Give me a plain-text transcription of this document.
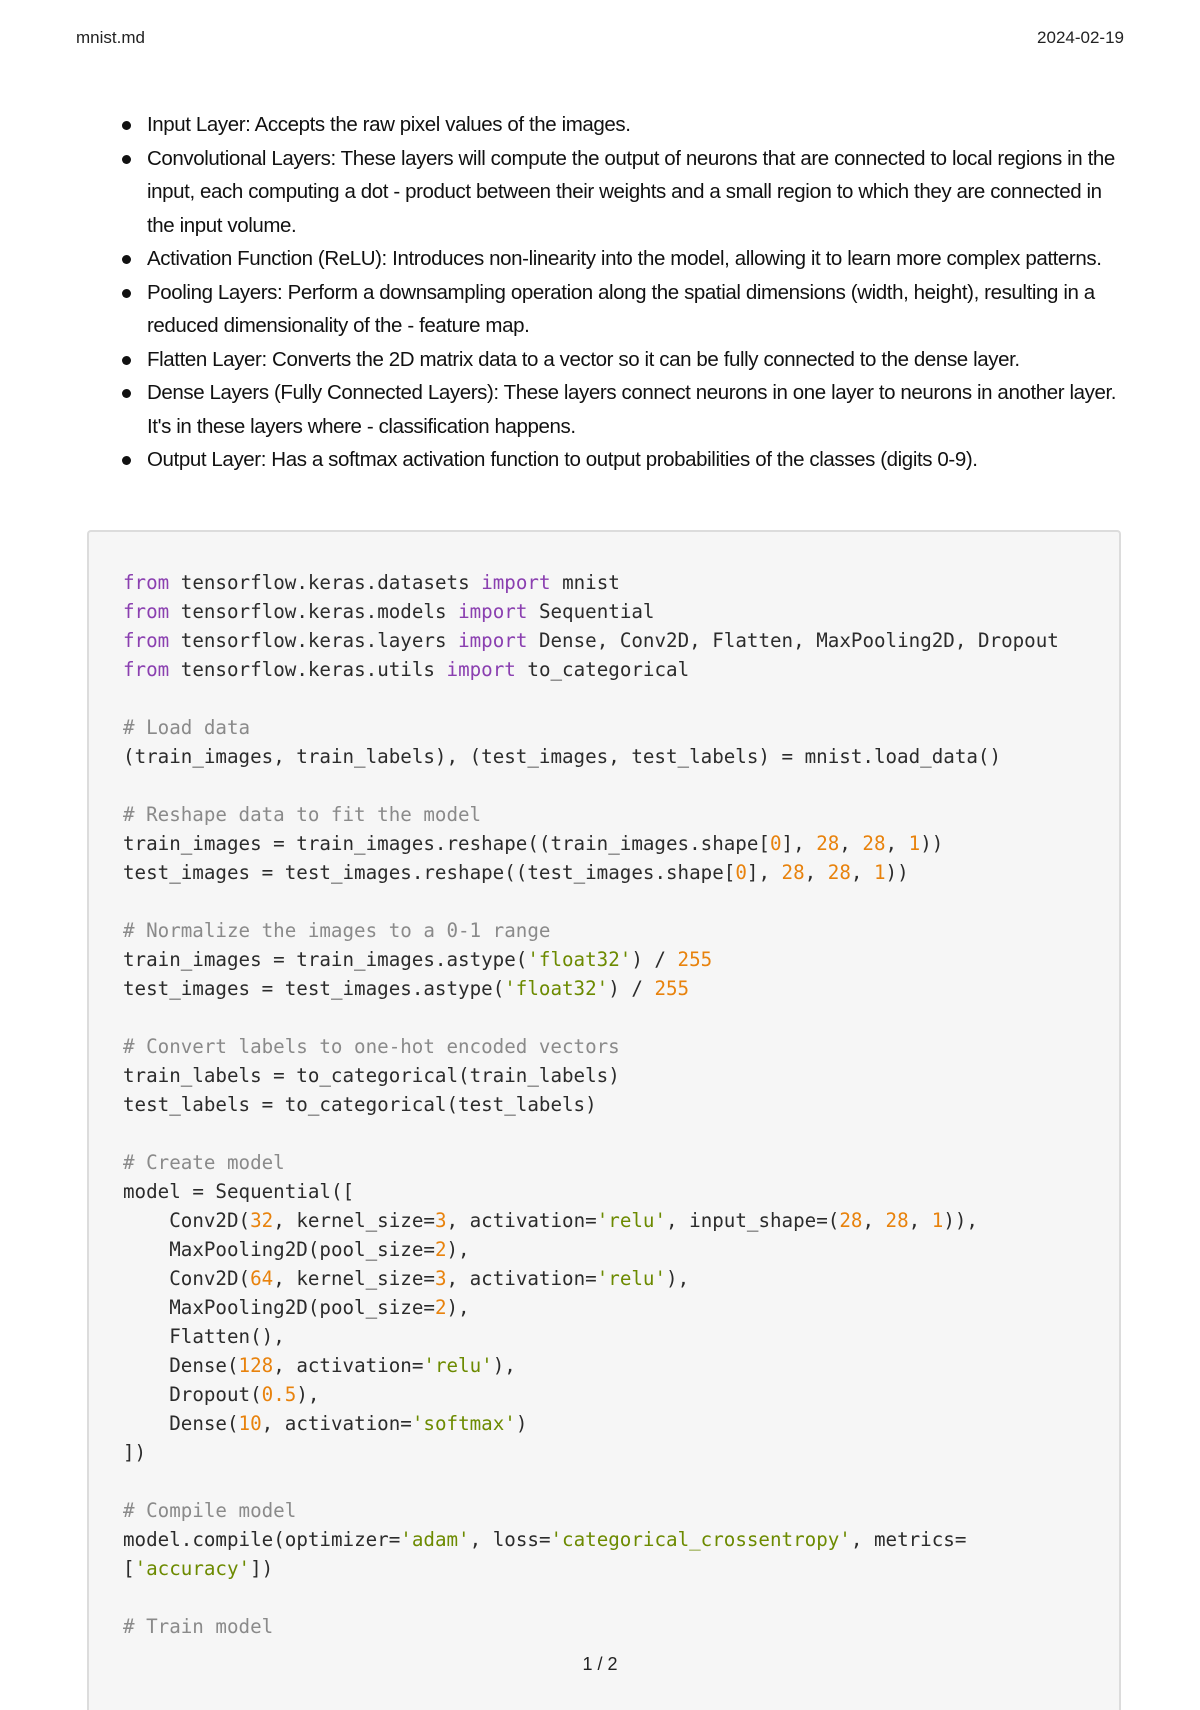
mnist.md	2024-02-19
Input Layer: Accepts the raw pixel values of the images.
Convolutional Layers: These layers will compute the output of neurons that are connected to local regions in the input, each computing a dot - product between their weights and a small region to which they are connected in the input volume.
Activation Function (ReLU): Introduces non-linearity into the model, allowing it to learn more complex patterns.
Pooling Layers: Perform a downsampling operation along the spatial dimensions (width, height), resulting in a reduced dimensionality of the - feature map.
Flatten Layer: Converts the 2D matrix data to a vector so it can be fully connected to the dense layer.
Dense Layers (Fully Connected Layers): These layers connect neurons in one layer to neurons in another layer. It's in these layers where - classification happens.
Output Layer: Has a softmax activation function to output probabilities of the classes (digits 0-9).
from tensorflow.keras.datasets import mnist
from tensorflow.keras.models import Sequential
from tensorflow.keras.layers import Dense, Conv2D, Flatten, MaxPooling2D, Dropout
from tensorflow.keras.utils import to_categorical
# Load data
(train_images, train_labels), (test_images, test_labels) = mnist.load_data()
# Reshape data to fit the model
train_images = train_images.reshape((train_images.shape[0], 28, 28, 1))
test_images = test_images.reshape((test_images.shape[0], 28, 28, 1))
# Normalize the images to a 0-1 range
train_images = train_images.astype('float32') / 255
test_images = test_images.astype('float32') / 255
# Convert labels to one-hot encoded vectors
train_labels = to_categorical(train_labels)
test_labels = to_categorical(test_labels)
# Create model
model = Sequential([
Conv2D(32, kernel_size=3, activation='relu', input_shape=(28, 28, 1)),
MaxPooling2D(pool_size=2),
Conv2D(64, kernel_size=3, activation='relu'),
MaxPooling2D(pool_size=2),
Flatten(),
Dense(128, activation='relu'),
Dropout(0.5),
Dense(10, activation='softmax')
])
# Compile model
model.compile(optimizer='adam', loss='categorical_crossentropy', metrics=
['accuracy'])
# Train model
1 / 2
